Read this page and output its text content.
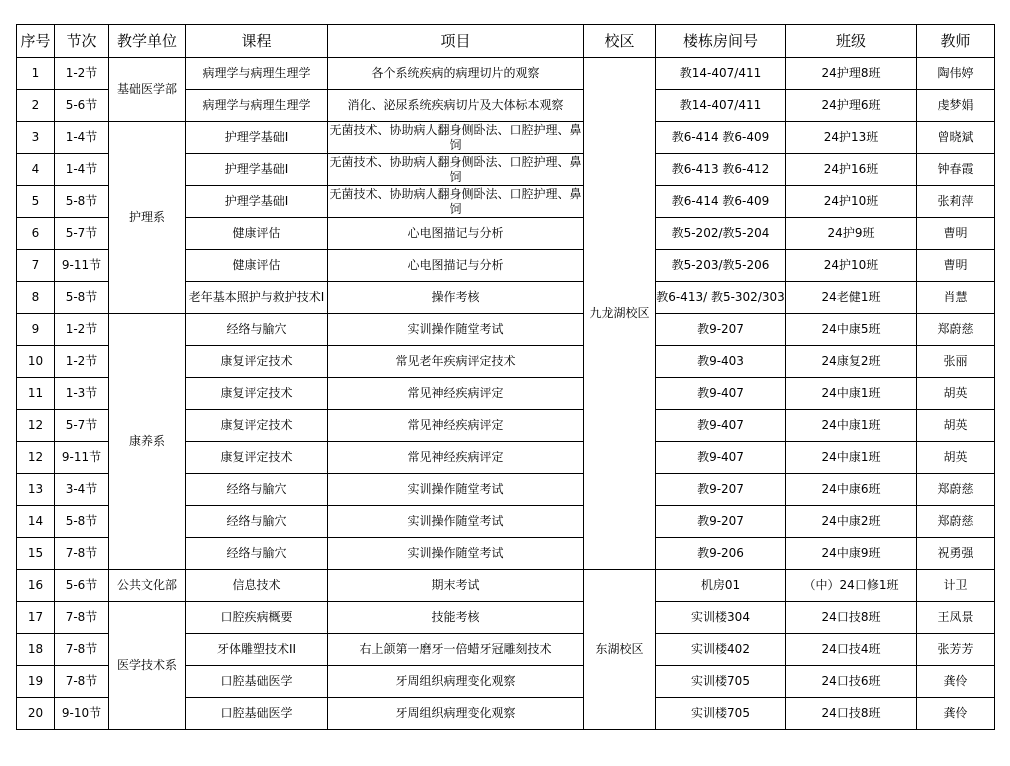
序号	节次	教学单位	课程	项目	校区	楼栋房间号	班级	教师
1	1-2节	基础医学部	病理学与病理生理学	各个系统疾病的病理切片的观察	九龙湖校区	教14-407/411	24护理8班	陶伟婷
2	5-6节		病理学与病理生理学	消化、泌尿系统疾病切片及大体标本观察		教14-407/411	24护理6班	虔梦娟
3	1-4节	护理系	护理学基础I	无菌技术、协助病人翻身侧卧法、口腔护理、鼻饲		教6-414 教6-409	24护13班	曾晓斌
4	1-4节		护理学基础I	无菌技术、协助病人翻身侧卧法、口腔护理、鼻饲		教6-413 教6-412	24护16班	钟春霞
5	5-8节		护理学基础I	无菌技术、协助病人翻身侧卧法、口腔护理、鼻饲		教6-414 教6-409	24护10班	张莉萍
6	5-7节		健康评估	心电图描记与分析		教5-202/教5-204	24护9班	曹明
7	9-11节		健康评估	心电图描记与分析		教5-203/教5-206	24护10班	曹明
8	5-8节		老年基本照护与救护技术I	操作考核		教6-413/ 教5-302/303	24老健1班	肖慧
9	1-2节	康养系	经络与腧穴	实训操作随堂考试		教9-207	24中康5班	郑蔚慈
10	1-2节		康复评定技术	常见老年疾病评定技术		教9-403	24康复2班	张丽
11	1-3节		康复评定技术	常见神经疾病评定		教9-407	24中康1班	胡英
12	5-7节		康复评定技术	常见神经疾病评定		教9-407	24中康1班	胡英
12	9-11节		康复评定技术	常见神经疾病评定		教9-407	24中康1班	胡英
13	3-4节		经络与腧穴	实训操作随堂考试		教9-207	24中康6班	郑蔚慈
14	5-8节		经络与腧穴	实训操作随堂考试		教9-207	24中康2班	郑蔚慈
15	7-8节		经络与腧穴	实训操作随堂考试		教9-206	24中康9班	祝勇强
16	5-6节	公共文化部	信息技术	期末考试	东湖校区	机房01	（中）24口修1班	计卫
17	7-8节	医学技术系	口腔疾病概要	技能考核		实训楼304	24口技8班	王凤景
18	7-8节		牙体雕塑技术II	右上颌第一磨牙一倍蜡牙冠雕刻技术		实训楼402	24口技4班	张芳芳
19	7-8节		口腔基础医学	牙周组织病理变化观察		实训楼705	24口技6班	龚伶
20	9-10节		口腔基础医学	牙周组织病理变化观察		实训楼705	24口技8班	龚伶
